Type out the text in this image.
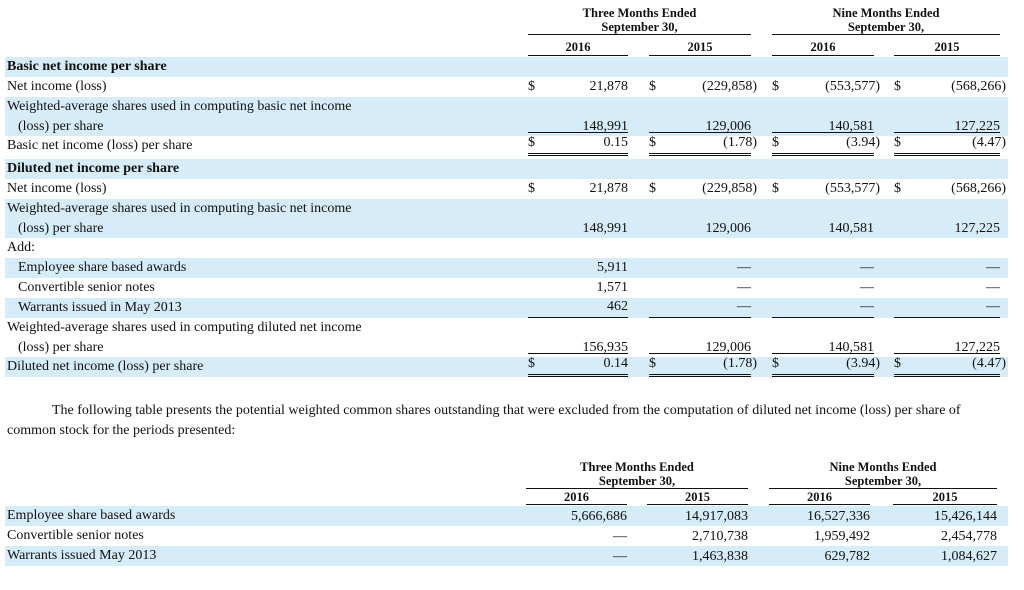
Three Months Ended
September 30,
Nine Months Ended
September 30,
2016	2015	2016	2015
Basic net income per share
Net income (loss)	$	21,878 $	(229,858) $	(553,577) $	(568,266)
Weighted-average shares used in computing basic net income
(loss) per share	148,991	129,006	140,581	127,225
Basic net income (loss) per share	$	0.15 $	(1.78) $	(3.94) $	(4.47)
Diluted net income per share
Net income (loss)	$	21,878 $	(229,858) $	(553,577) $	(568,266)
Weighted-average shares used in computing basic net income
(loss) per share	148,991	129,006	140,581	127,225
Add:
Employee share based awards	5,911	—	—	—
Convertible senior notes	1,571	—	—	—
Warrants issued in May 2013	462	—	—	—
Weighted-average shares used in computing diluted net income
(loss) per share	156,935	129,006	140,581	127,225
Diluted net income (loss) per share	$	0.14 $	(1.78) $	(3.94) $	(4.47)
The following table presents the potential weighted common shares outstanding that were excluded from the computation of diluted net income (loss) per share of common stock for the periods presented:
Three Months Ended
September 30,
Nine Months Ended
September 30,
2016	2015	2016	2015
Employee share based awards	5,666,686	14,917,083	16,527,336	15,426,144
Convertible senior notes	—	2,710,738	1,959,492	2,454,778
Warrants issued May 2013	—	1,463,838	629,782	1,084,627
